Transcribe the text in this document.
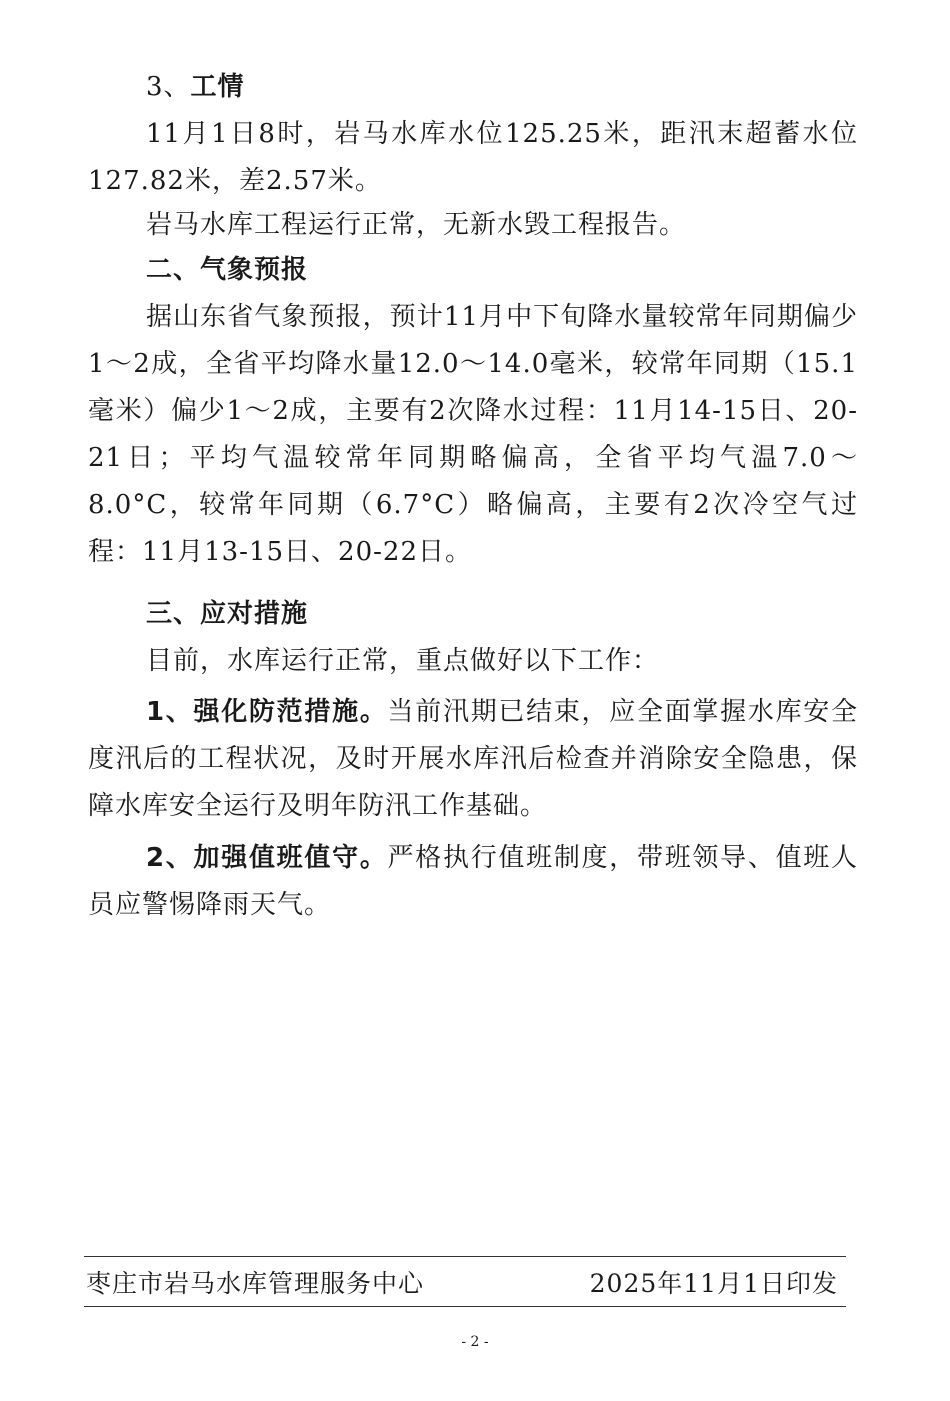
3、工情

11月1日8时，岩马水库水位125.25米，距汛末超蓄水位127.82米，差2.57米。

岩马水库工程运行正常，无新水毁工程报告。

二、气象预报

据山东省气象预报，预计11月中下旬降水量较常年同期偏少1～2成，全省平均降水量12.0～14.0毫米，较常年同期（15.1毫米）偏少1～2成，主要有2次降水过程：11月14-15日、20-21日；平均气温较常年同期略偏高，全省平均气温7.0～8.0°C，较常年同期（6.7°C）略偏高，主要有2次冷空气过程：11月13-15日、20-22日。

三、应对措施

目前，水库运行正常，重点做好以下工作：

1、强化防范措施。当前汛期已结束，应全面掌握水库安全度汛后的工程状况，及时开展水库汛后检查并消除安全隐患，保障水库安全运行及明年防汛工作基础。

2、加强值班值守。严格执行值班制度，带班领导、值班人员应警惕降雨天气。

枣庄市岩马水库管理服务中心	2025年11月1日印发
- 2 -
